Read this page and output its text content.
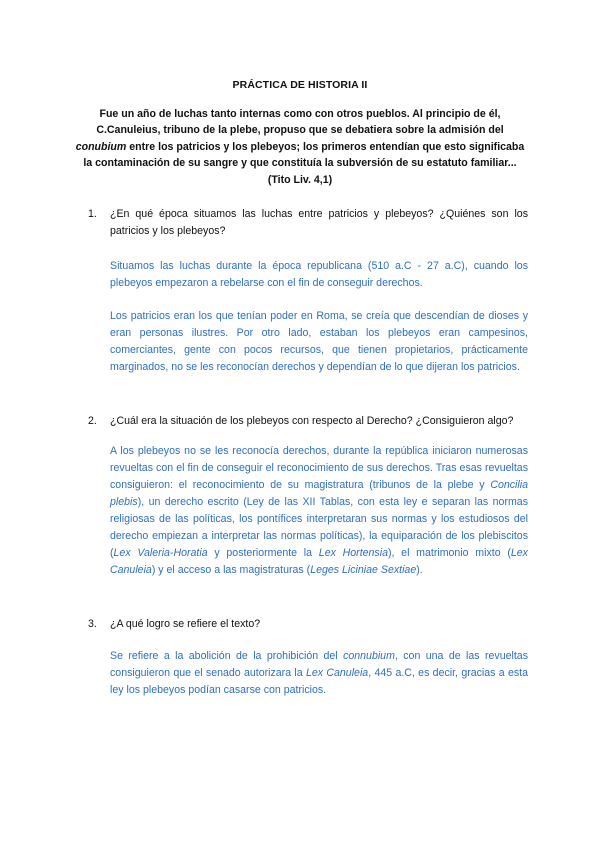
PRÁCTICA DE HISTORIA II
Fue un año de luchas tanto internas como con otros pueblos. Al principio de él, C.Canuleius, tribuno de la plebe, propuso que se debatiera sobre la admisión del conubium entre los patricios y los plebeyos; los primeros entendían que esto significaba la contaminación de su sangre y que constituía la subversión de su estatuto familiar... (Tito Liv. 4,1)
1. ¿En qué época situamos las luchas entre patricios y plebeyos? ¿Quiénes son los patricios y los plebeyos?

Situamos las luchas durante la época republicana (510 a.C - 27 a.C), cuando los plebeyos empezaron a rebelarse con el fin de conseguir derechos.

Los patricios eran los que tenían poder en Roma, se creía que descendían de dioses y eran personas ilustres. Por otro lado, estaban los plebeyos eran campesinos, comerciantes, gente con pocos recursos, que tienen propietarios, prácticamente marginados, no se les reconocían derechos y dependían de lo que dijeran los patricios.

2. ¿Cuál era la situación de los plebeyos con respecto al Derecho? ¿Consiguieron algo?

A los plebeyos no se les reconocía derechos, durante la república iniciaron numerosas revueltas con el fin de conseguir el reconocimiento de sus derechos. Tras esas revueltas consiguieron: el reconocimiento de su magistratura (tribunos de la plebe y Concilia plebis), un derecho escrito (Ley de las XII Tablas, con esta ley e separan las normas religiosas de las políticas, los pontífices interpretaran sus normas y los estudiosos del derecho empiezan a interpretar las normas políticas), la equiparación de los plebiscitos (Lex Valeria-Horatia y posteriormente la Lex Hortensia), el matrimonio mixto (Lex Canuleia) y el acceso a las magistraturas (Leges Liciniae Sextiae).

3. ¿A qué logro se refiere el texto?

Se refiere a la abolición de la prohibición del connubium, con una de las revueltas consiguieron que el senado autorizara la Lex Canuleia, 445 a.C, es decir, gracias a esta ley los plebeyos podían casarse con patricios.
